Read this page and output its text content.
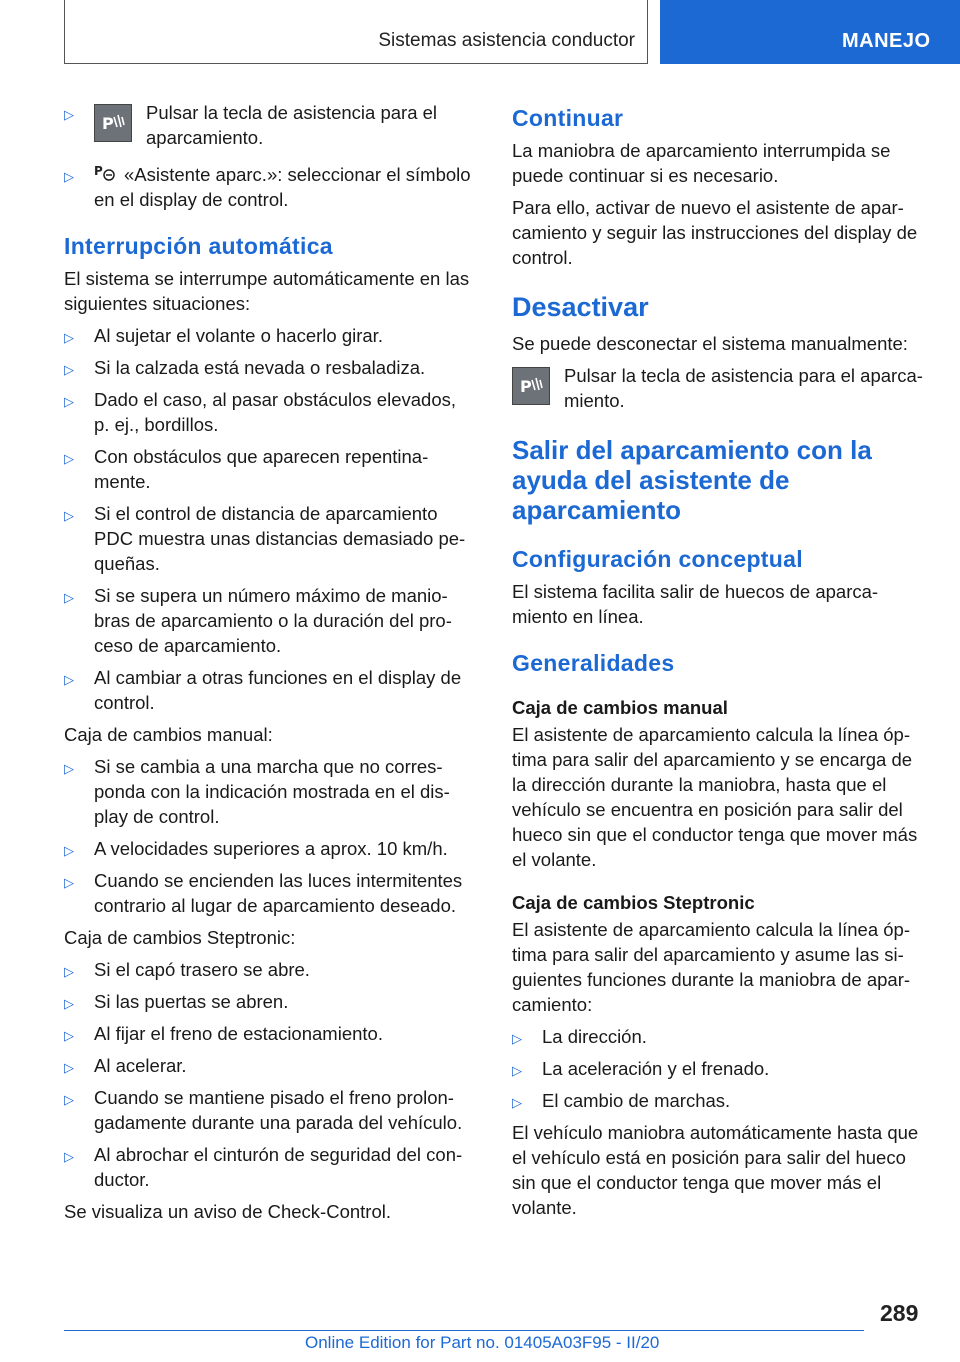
Sistemas asistencia conductor	MANEJO
▷ P
Pulsar la tecla de asistencia para el aparcamiento.
▷ P «Asistente aparc.»: seleccionar el símbolo en el display de control.
Interrupción automática

El sistema se interrumpe automáticamente en las siguientes situaciones:

▷ Al sujetar el volante o hacerlo girar.
▷ Si la calzada está nevada o resbaladiza.
▷ Dado el caso, al pasar obstáculos elevados, p. ej., bordillos.
▷ Con obstáculos que aparecen repentina-mente.
▷ Si el control de distancia de aparcamiento PDC muestra unas distancias demasiado pe-queñas.
▷ Si se supera un número máximo de manio-bras de aparcamiento o la duración del pro-ceso de aparcamiento.
▷ Al cambiar a otras funciones en el display de control.

Caja de cambios manual:

▷ Si se cambia a una marcha que no corres-ponda con la indicación mostrada en el dis-play de control.
▷ A velocidades superiores a aprox. 10 km/h.
▷ Cuando se encienden las luces intermitentes contrario al lugar de aparcamiento deseado.

Caja de cambios Steptronic:

▷ Si el capó trasero se abre.
▷ Si las puertas se abren.
▷ Al fijar el freno de estacionamiento.
▷ Al acelerar.
▷ Cuando se mantiene pisado el freno prolon-gadamente durante una parada del vehículo.
▷ Al abrochar el cinturón de seguridad del con-ductor.

Se visualiza un aviso de Check-Control.

Continuar

La maniobra de aparcamiento interrumpida se puede continuar si es necesario.

Para ello, activar de nuevo el asistente de apar-camiento y seguir las instrucciones del display de control.

Desactivar

Se puede desconectar el sistema manualmente:

P
Pulsar la tecla de asistencia para el aparca-miento.
Salir del aparcamiento con la ayuda del asistente de aparcamiento
Configuración conceptual

El sistema facilita salir de huecos de aparca-miento en línea.

Generalidades
Caja de cambios manual

El asistente de aparcamiento calcula la línea óp-tima para salir del aparcamiento y se encarga de la dirección durante la maniobra, hasta que el vehículo se encuentra en posición para salir del hueco sin que el conductor tenga que mover más el volante.

Caja de cambios Steptronic

El asistente de aparcamiento calcula la línea óp-tima para salir del aparcamiento y asume las si-guientes funciones durante la maniobra de apar-camiento:

▷ La dirección.
▷ La aceleración y el frenado.
▷ El cambio de marchas.

El vehículo maniobra automáticamente hasta que el vehículo está en posición para salir del hueco sin que el conductor tenga que mover más el volante.

289
Online Edition for Part no. 01405A03F95 - II/20
